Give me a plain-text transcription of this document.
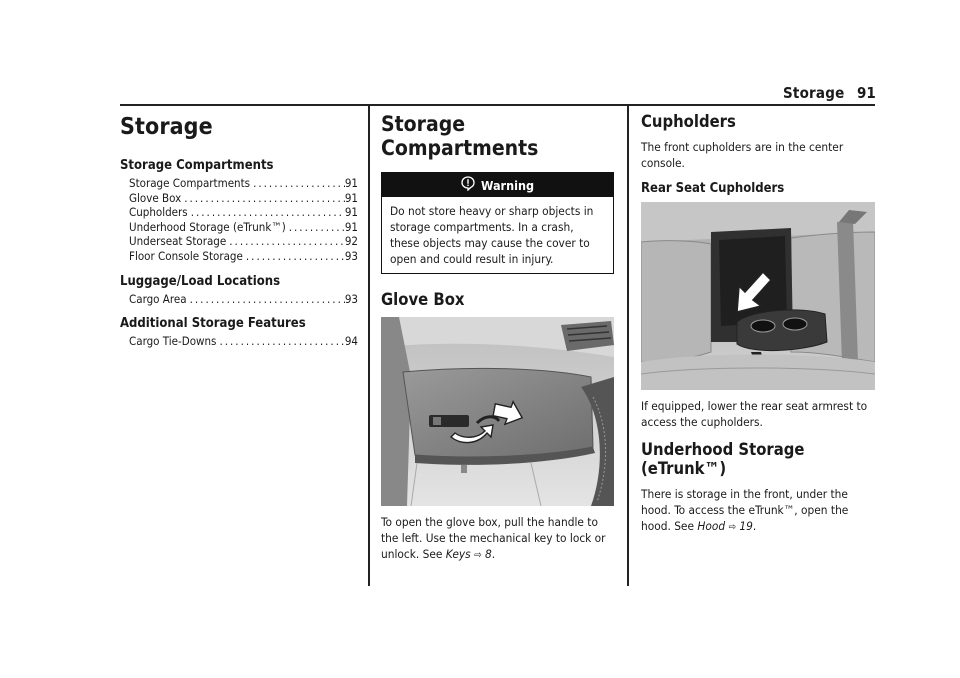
Storage 91
Storage
Storage Compartments
Storage Compartments .....	91
Glove Box .....	91
Cupholders .....	91
Underhood Storage (eTrunk™) .....	91
Underseat Storage .....	92
Floor Console Storage .....	93
Luggage/Load Locations
Cargo Area .....	93
Additional Storage Features
Cargo Tie-Downs .....	94
Storage Compartments
Warning
Do not store heavy or sharp objects in storage compartments. In a crash, these objects may cause the cover to open and could result in injury.
Glove Box

To open the glove box, pull the handle to the left. Use the mechanical key to lock or unlock. See Keys ⇨ 8.

Cupholders

The front cupholders are in the center console.

Rear Seat Cupholders

If equipped, lower the rear seat armrest to access the cupholders.

Underhood Storage (eTrunk™)

There is storage in the front, under the hood. To access the eTrunk™, open the hood. See Hood ⇨ 19.
